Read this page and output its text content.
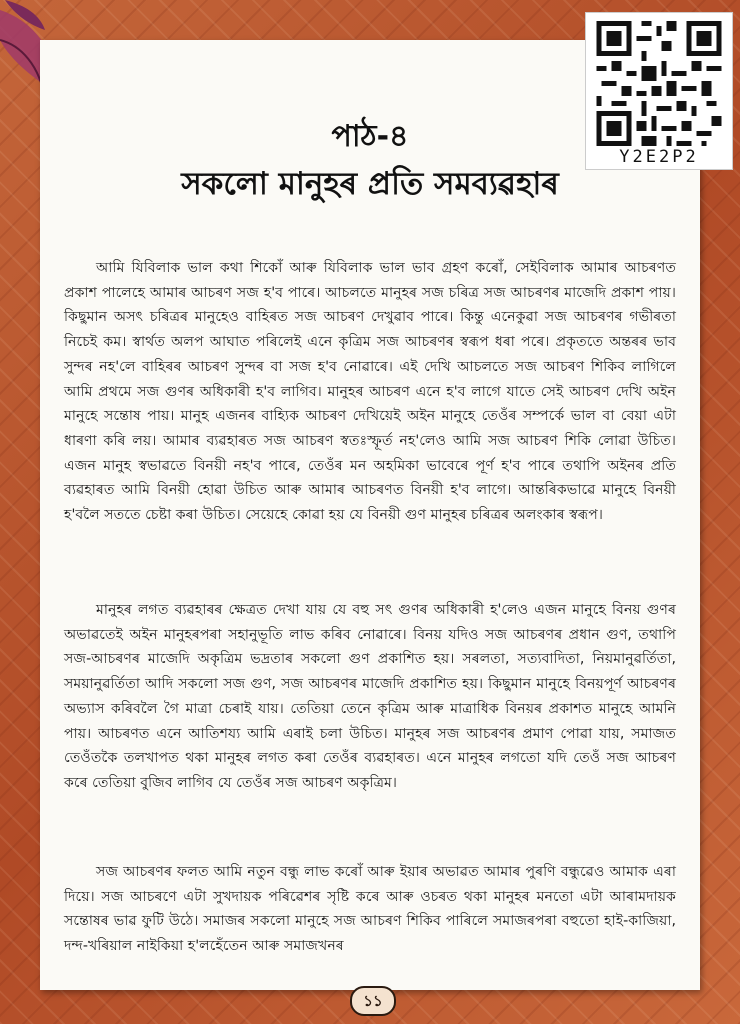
Y2E2P2
পাঠ-৪
সকলো মানুহৰ প্ৰতি সমব্যৱহাৰ

আমি যিবিলাক ভাল কথা শিকোঁ আৰু যিবিলাক ভাল ভাব গ্ৰহণ কৰোঁ, সেইবিলাক আমাৰ আচৰণত প্ৰকাশ পালেহে আমাৰ আচৰণ সজ হ'ব পাৰে। আচলতে মানুহৰ সজ চৰিত্ৰ সজ আচৰণৰ মাজেদি প্ৰকাশ পায়। কিছুমান অসৎ চৰিত্ৰৰ মানুহেও বাহিৰত সজ আচৰণ দেখুৱাব পাৰে। কিন্তু এনেকুৱা সজ আচৰণৰ গভীৰতা নিচেই কম। স্বাৰ্থত অলপ আঘাত পৰিলেই এনে কৃত্ৰিম সজ আচৰণৰ স্বৰূপ ধৰা পৰে। প্ৰকৃততে অন্তৰৰ ভাব সুন্দৰ নহ'লে বাহিৰৰ আচৰণ সুন্দৰ বা সজ হ'ব নোৱাৰে। এই দেখি আচলতে সজ আচৰণ শিকিব লাগিলে আমি প্ৰথমে সজ গুণৰ অধিকাৰী হ'ব লাগিব। মানুহৰ আচৰণ এনে হ'ব লাগে যাতে সেই আচৰণ দেখি অইন মানুহে সন্তোষ পায়। মানুহ এজনৰ বাহ্যিক আচৰণ দেখিয়েই অইন মানুহে তেওঁৰ সম্পৰ্কে ভাল বা বেয়া এটা ধাৰণা কৰি লয়। আমাৰ ব্যৱহাৰত সজ আচৰণ স্বতঃস্ফূৰ্ত নহ'লেও আমি সজ আচৰণ শিকি লোৱা উচিত। এজন মানুহ স্বভাৱতে বিনয়ী নহ'ব পাৰে, তেওঁৰ মন অহমিকা ভাবেৰে পূৰ্ণ হ'ব পাৰে তথাপি অইনৰ প্ৰতি ব্যৱহাৰত আমি বিনয়ী হোৱা উচিত আৰু আমাৰ আচৰণত বিনয়ী হ'ব লাগে। আন্তৰিকভাৱে মানুহে বিনয়ী হ'বলৈ সততে চেষ্টা কৰা উচিত। সেয়েহে কোৱা হয় যে বিনয়ী গুণ মানুহৰ চৰিত্ৰৰ অলংকাৰ স্বৰূপ।

মানুহৰ লগত ব্যৱহাৰৰ ক্ষেত্ৰত দেখা যায় যে বহু সৎ গুণৰ অধিকাৰী হ'লেও এজন মানুহে বিনয় গুণৰ অভাৱতেই অইন মানুহৰপৰা সহানুভূতি লাভ কৰিব নোৱাৰে। বিনয় যদিও সজ আচৰণৰ প্ৰধান গুণ, তথাপি সজ-আচৰণৰ মাজেদি অকৃত্ৰিম ভদ্ৰতাৰ সকলো গুণ প্ৰকাশিত হয়। সৰলতা, সত্যবাদিতা, নিয়মানুৱৰ্তিতা, সময়ানুৱৰ্তিতা আদি সকলো সজ গুণ, সজ আচৰণৰ মাজেদি প্ৰকাশিত হয়। কিছুমান মানুহে বিনয়পূৰ্ণ আচৰণৰ অভ্যাস কৰিবলৈ গৈ মাত্ৰা চেৰাই যায়। তেতিয়া তেনে কৃত্ৰিম আৰু মাত্ৰাধিক বিনয়ৰ প্ৰকাশত মানুহে আমনি পায়। আচৰণত এনে আতিশয্য আমি এৰাই চলা উচিত। মানুহৰ সজ আচৰণৰ প্ৰমাণ পোৱা যায়, সমাজত তেওঁতকৈ তলখাপত থকা মানুহৰ লগত কৰা তেওঁৰ ব্যৱহাৰত। এনে মানুহৰ লগতো যদি তেওঁ সজ আচৰণ কৰে তেতিয়া বুজিব লাগিব যে তেওঁৰ সজ আচৰণ অকৃত্ৰিম।

সজ আচৰণৰ ফলত আমি নতুন বন্ধু লাভ কৰোঁ আৰু ইয়াৰ অভাৱত আমাৰ পুৰণি বন্ধুৱেও আমাক এৰা দিয়ে। সজ আচৰণে এটা সুখদায়ক পৰিৱেশৰ সৃষ্টি কৰে আৰু ওচৰত থকা মানুহৰ মনতো এটা আৰামদায়ক সন্তোষৰ ভাৱ ফুটি উঠে। সমাজৰ সকলো মানুহে সজ আচৰণ শিকিব পাৰিলে সমাজৰপৰা বহুতো হাই-কাজিয়া, দন্দ-খৰিয়াল নাইকিয়া হ'লহেঁতেন আৰু সমাজখনৰ

১১
